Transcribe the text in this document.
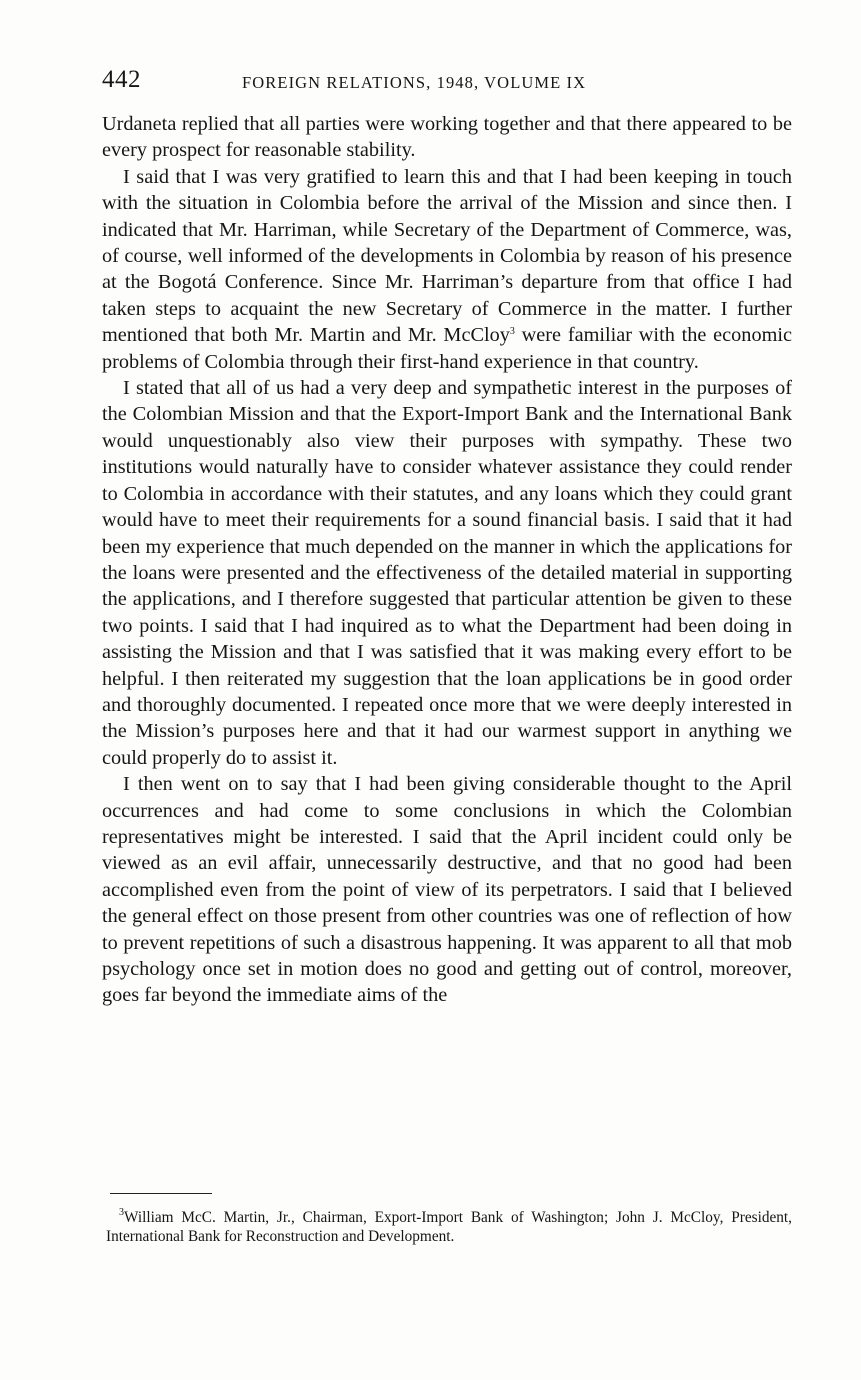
442	FOREIGN RELATIONS, 1948, VOLUME IX

Urdaneta replied that all parties were working together and that there appeared to be every prospect for reasonable stability.

I said that I was very gratified to learn this and that I had been keeping in touch with the situation in Colombia before the arrival of the Mission and since then. I indicated that Mr. Harriman, while Secretary of the Department of Commerce, was, of course, well informed of the developments in Colombia by reason of his presence at the Bogotá Conference. Since Mr. Harriman’s departure from that office I had taken steps to acquaint the new Secretary of Commerce in the matter. I further mentioned that both Mr. Martin and Mr. McCloy$^3$ were familiar with the economic problems of Colombia through their first-hand experience in that country.

I stated that all of us had a very deep and sympathetic interest in the purposes of the Colombian Mission and that the Export-Import Bank and the International Bank would unquestionably also view their purposes with sympathy. These two institutions would naturally have to consider whatever assistance they could render to Colombia in accordance with their statutes, and any loans which they could grant would have to meet their requirements for a sound financial basis. I said that it had been my experience that much depended on the manner in which the applications for the loans were presented and the effectiveness of the detailed material in supporting the applications, and I therefore suggested that particular attention be given to these two points. I said that I had inquired as to what the Department had been doing in assisting the Mission and that I was satisfied that it was making every effort to be helpful. I then reiterated my suggestion that the loan applications be in good order and thoroughly documented. I repeated once more that we were deeply interested in the Mission’s purposes here and that it had our warmest support in anything we could properly do to assist it.

I then went on to say that I had been giving considerable thought to the April occurrences and had come to some conclusions in which the Colombian representatives might be interested. I said that the April incident could only be viewed as an evil affair, unnecessarily destructive, and that no good had been accomplished even from the point of view of its perpetrators. I said that I believed the general effect on those present from other countries was one of reflection of how to prevent repetitions of such a disastrous happening. It was apparent to all that mob psychology once set in motion does no good and getting out of control, moreover, goes far beyond the immediate aims of the

$^3$William McC. Martin, Jr., Chairman, Export-Import Bank of Washington; John J. McCloy, President, International Bank for Reconstruction and Development.
